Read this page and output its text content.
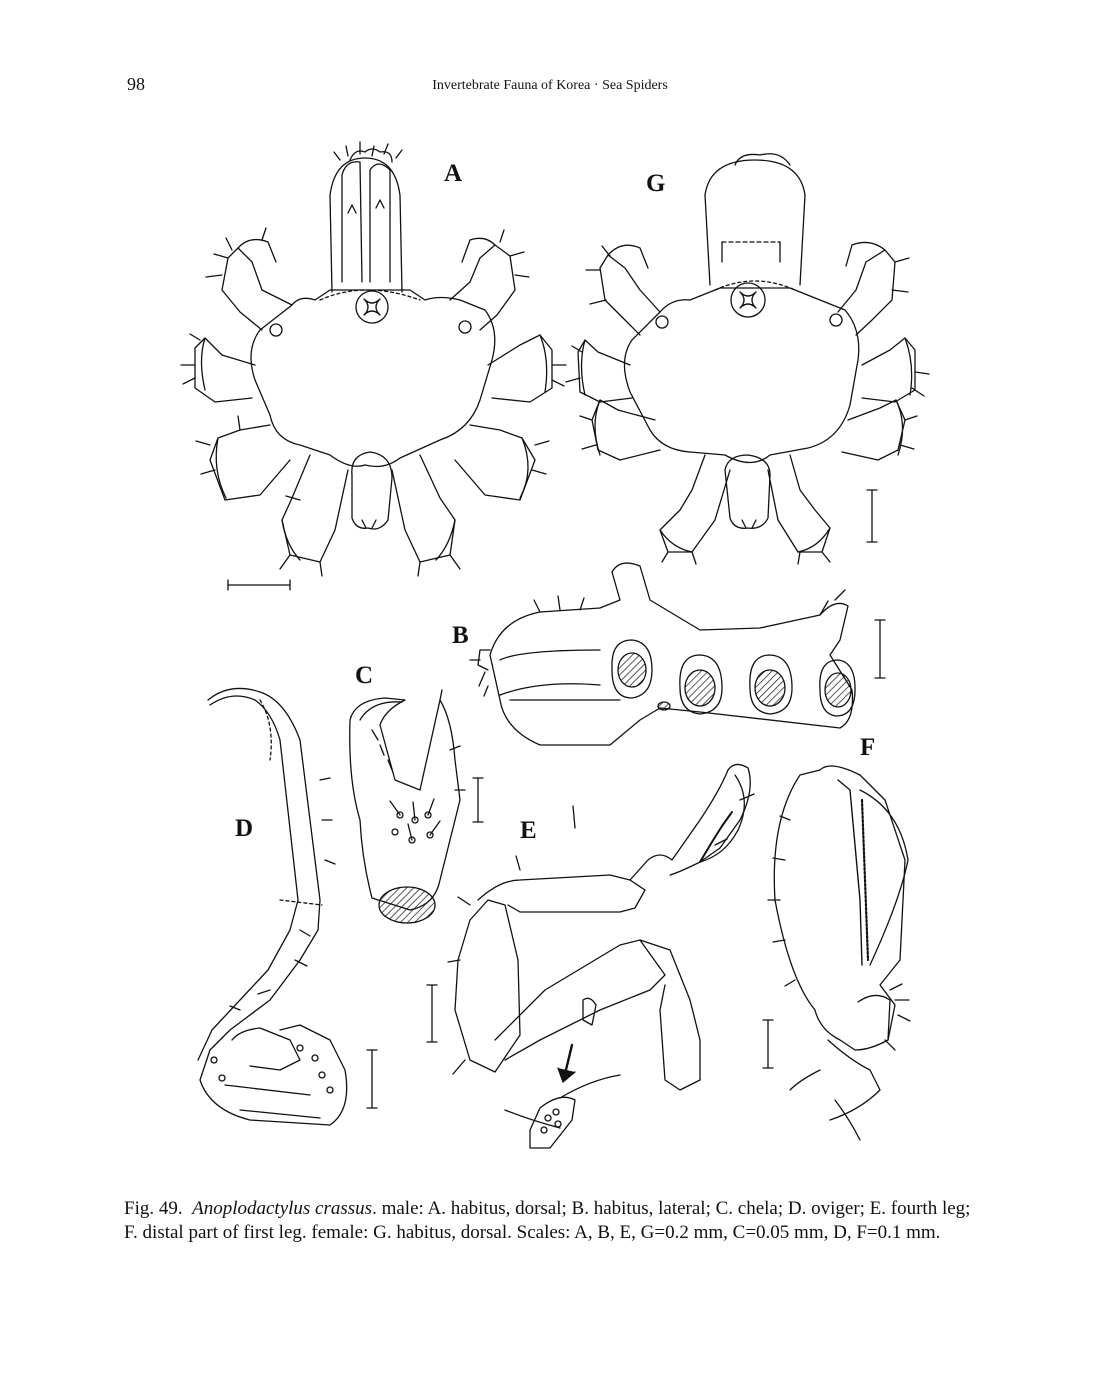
98	Invertebrate Fauna of Korea · Sea Spiders
A	G
B
C
F
D	E

Fig. 49. Anoplodactylus crassus. male: A. habitus, dorsal; B. habitus, lateral; C. chela; D. oviger; E. fourth leg; F. distal part of first leg. female: G. habitus, dorsal. Scales: A, B, E, G=0.2 mm, C=0.05 mm, D, F=0.1 mm.
